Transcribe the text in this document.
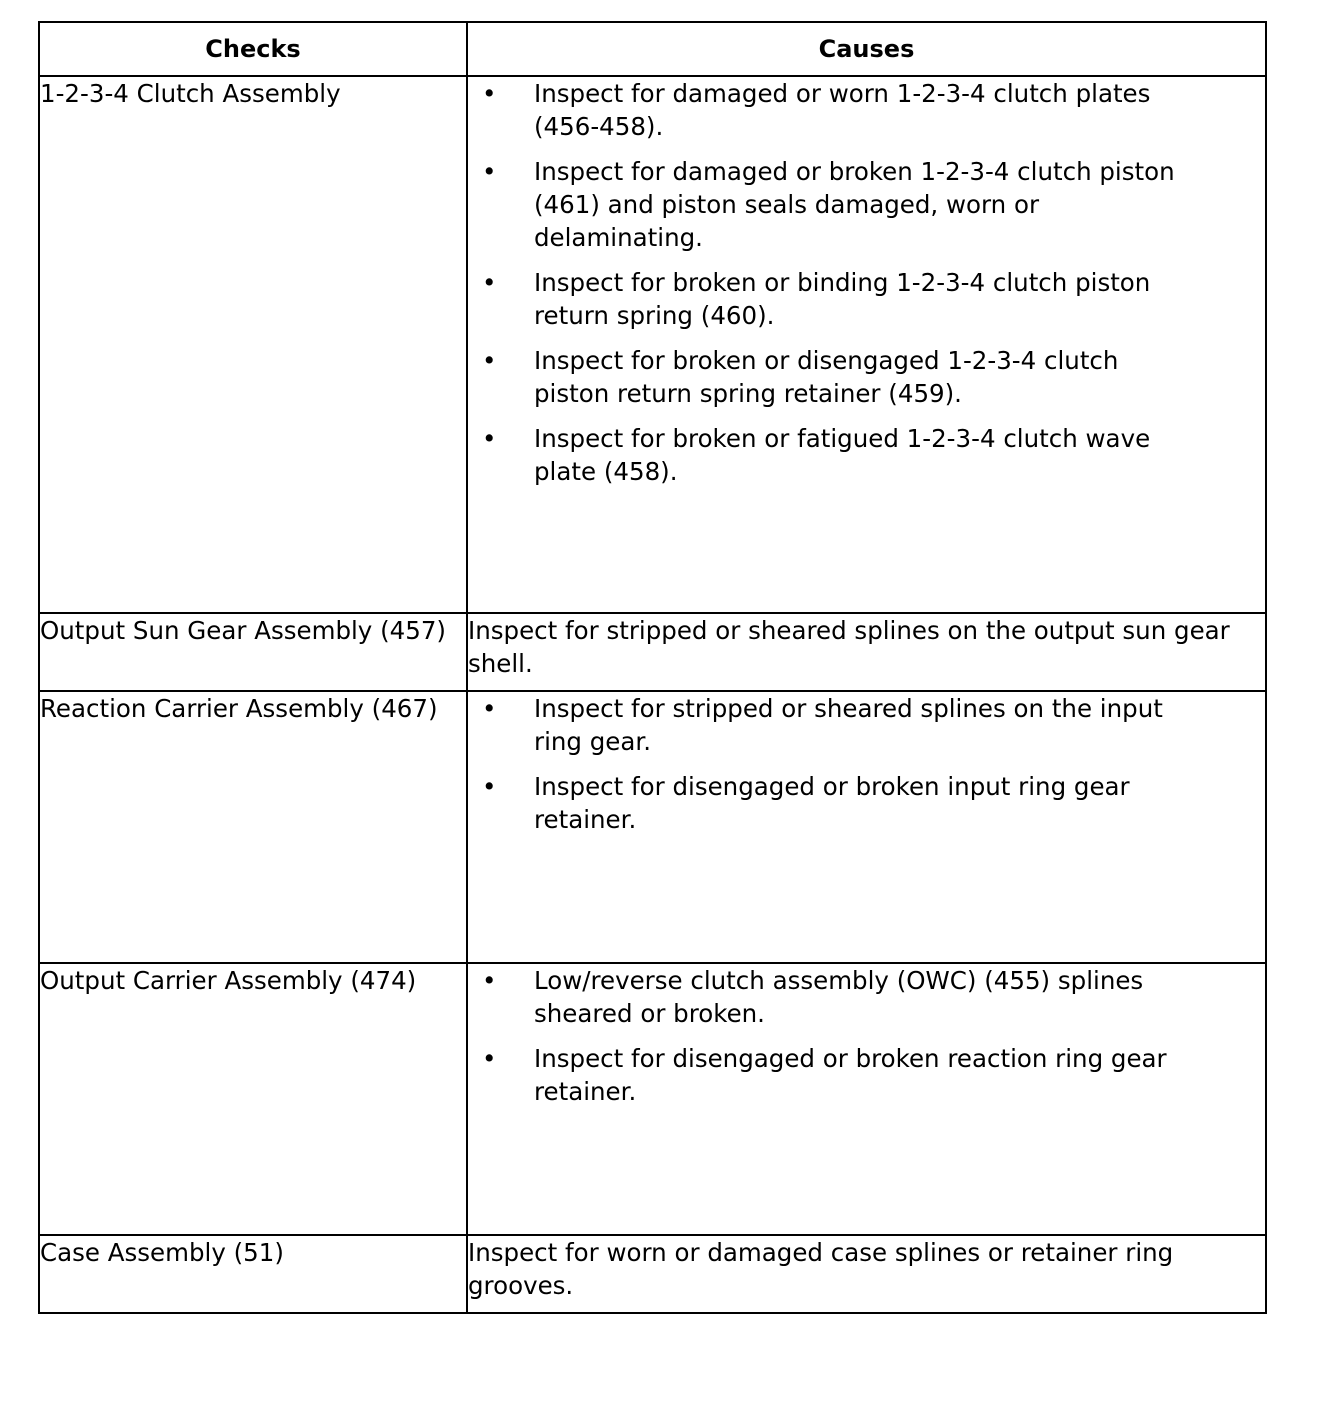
Checks	Causes
1-2-3-4 Clutch Assembly	• Inspect for damaged or worn 1-2-3-4 clutch plates (456-458).
• Inspect for damaged or broken 1-2-3-4 clutch piston (461) and piston seals damaged, worn or delaminating.
• Inspect for broken or binding 1-2-3-4 clutch piston return spring (460).
• Inspect for broken or disengaged 1-2-3-4 clutch piston return spring retainer (459).
• Inspect for broken or fatigued 1-2-3-4 clutch wave plate (458).

Output Sun Gear Assembly (457)	Inspect for stripped or sheared splines on the output sun gear shell.
Reaction Carrier Assembly (467)	• Inspect for stripped or sheared splines on the input ring gear.
• Inspect for disengaged or broken input ring gear retainer.

Output Carrier Assembly (474)	• Low/reverse clutch assembly (OWC) (455) splines sheared or broken.
• Inspect for disengaged or broken reaction ring gear retainer.

Case Assembly (51)	Inspect for worn or damaged case splines or retainer ring grooves.
